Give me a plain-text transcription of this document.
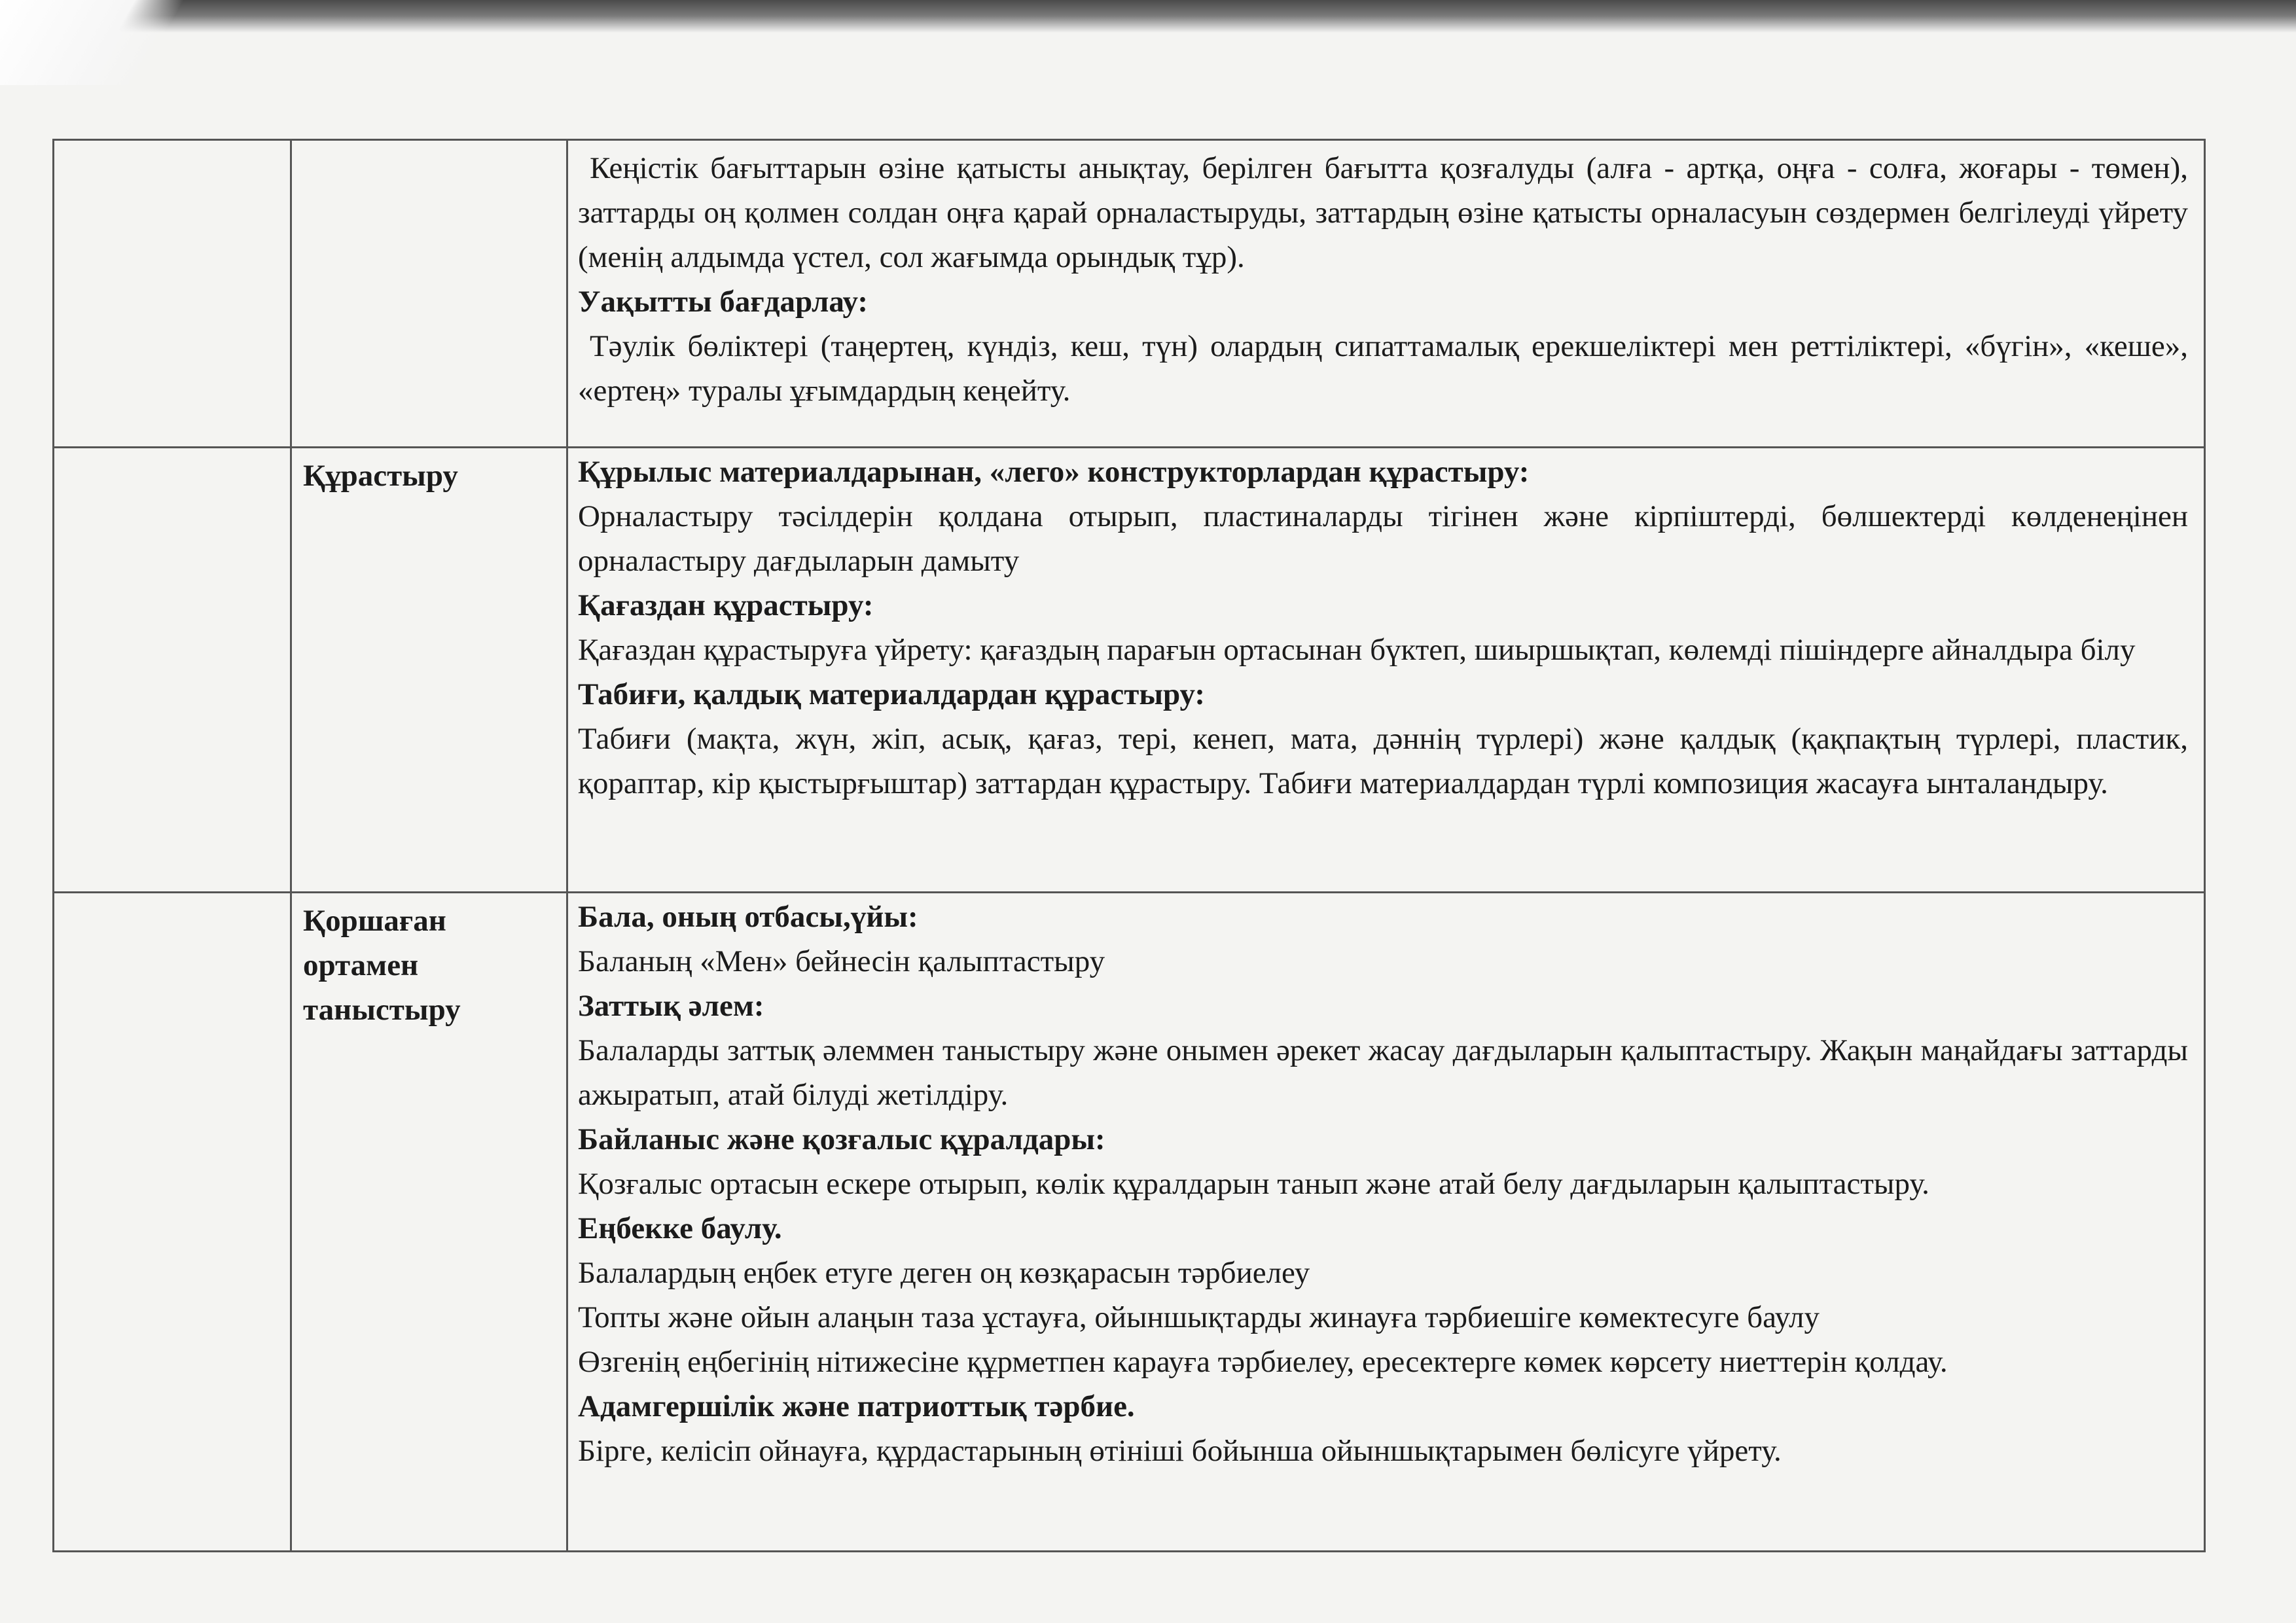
Кеңістік бағыттарын өзіне қатысты анықтау, берілген бағытта қозғалуды (алға - артқа, оңға - солға, жоғары - төмен), заттарды оң қолмен солдан оңға қарай орналастыруды, заттардың өзіне қатысты орналасуын сөздермен белгілеуді үйрету (менің алдымда үстел, сол жағымда орындық тұр).

Уақытты бағдарлау:

Тәулік бөліктері (таңертең, күндіз, кеш, түн) олардың сипаттамалық ерекшеліктері мен реттіліктері, «бүгін», «кеше», «ертең» туралы ұғымдардың кеңейту.

Құрастыру	Құрылыс материалдарынан, «лего» конструкторлардан құрастыру:

Орналастыру тәсілдерін қолдана отырып, пластиналарды тігінен және кірпіштерді, бөлшектерді көлденеңінен орналастыру дағдыларын дамыту

Қағаздан құрастыру:

Қағаздан құрастыруға үйрету: қағаздың парағын ортасынан бүктеп, шиыршықтап, көлемді пішіндерге айналдыра білу

Табиғи, қалдық материалдардан құрастыру:

Табиғи (мақта, жүн, жіп, асық, қағаз, тері, кенеп, мата, дәннің түрлері) және қалдық (қақпақтың түрлері, пластик, қорaптар, кір қыстырғыштар) заттардан құрастыру. Табиғи материалдардан түрлі композиция жасауға ынталандыру.

Қоршаған ортамен таныстыру
Бала, оның отбасы,үйы:

Баланың «Мен» бейнесін қалыптастыру

Заттық әлем:

Балаларды заттық әлеммен таныстыру және онымен әрекет жасау дағдыларын қалыптастыру. Жақын маңайдағы заттарды ажыратып, атай білуді жетілдіру.

Байланыс және қозғалыс құралдары:

Қозғалыс ортасын ескере отырып, көлік құралдарын танып және атай белу дағдыларын қалыптастыру.

Еңбекке баулу.

Балалардың еңбек етуге деген оң көзқарасын тәрбиелеу

Топты және ойын алаңын таза ұстауға, ойыншықтарды жинауға тәрбиешіге көмектесуге баулу

Өзгенің еңбегінің нітижесіне құрметпен карауға тәрбиелеу, ересектерге көмек көрсету ниеттерін қолдау.

Адамгершілік және патриоттық тәрбие.

Бірге, келісіп ойнауға, құрдастарының өтініші бойынша ойыншықтарымен бөлісуге үйрету.
